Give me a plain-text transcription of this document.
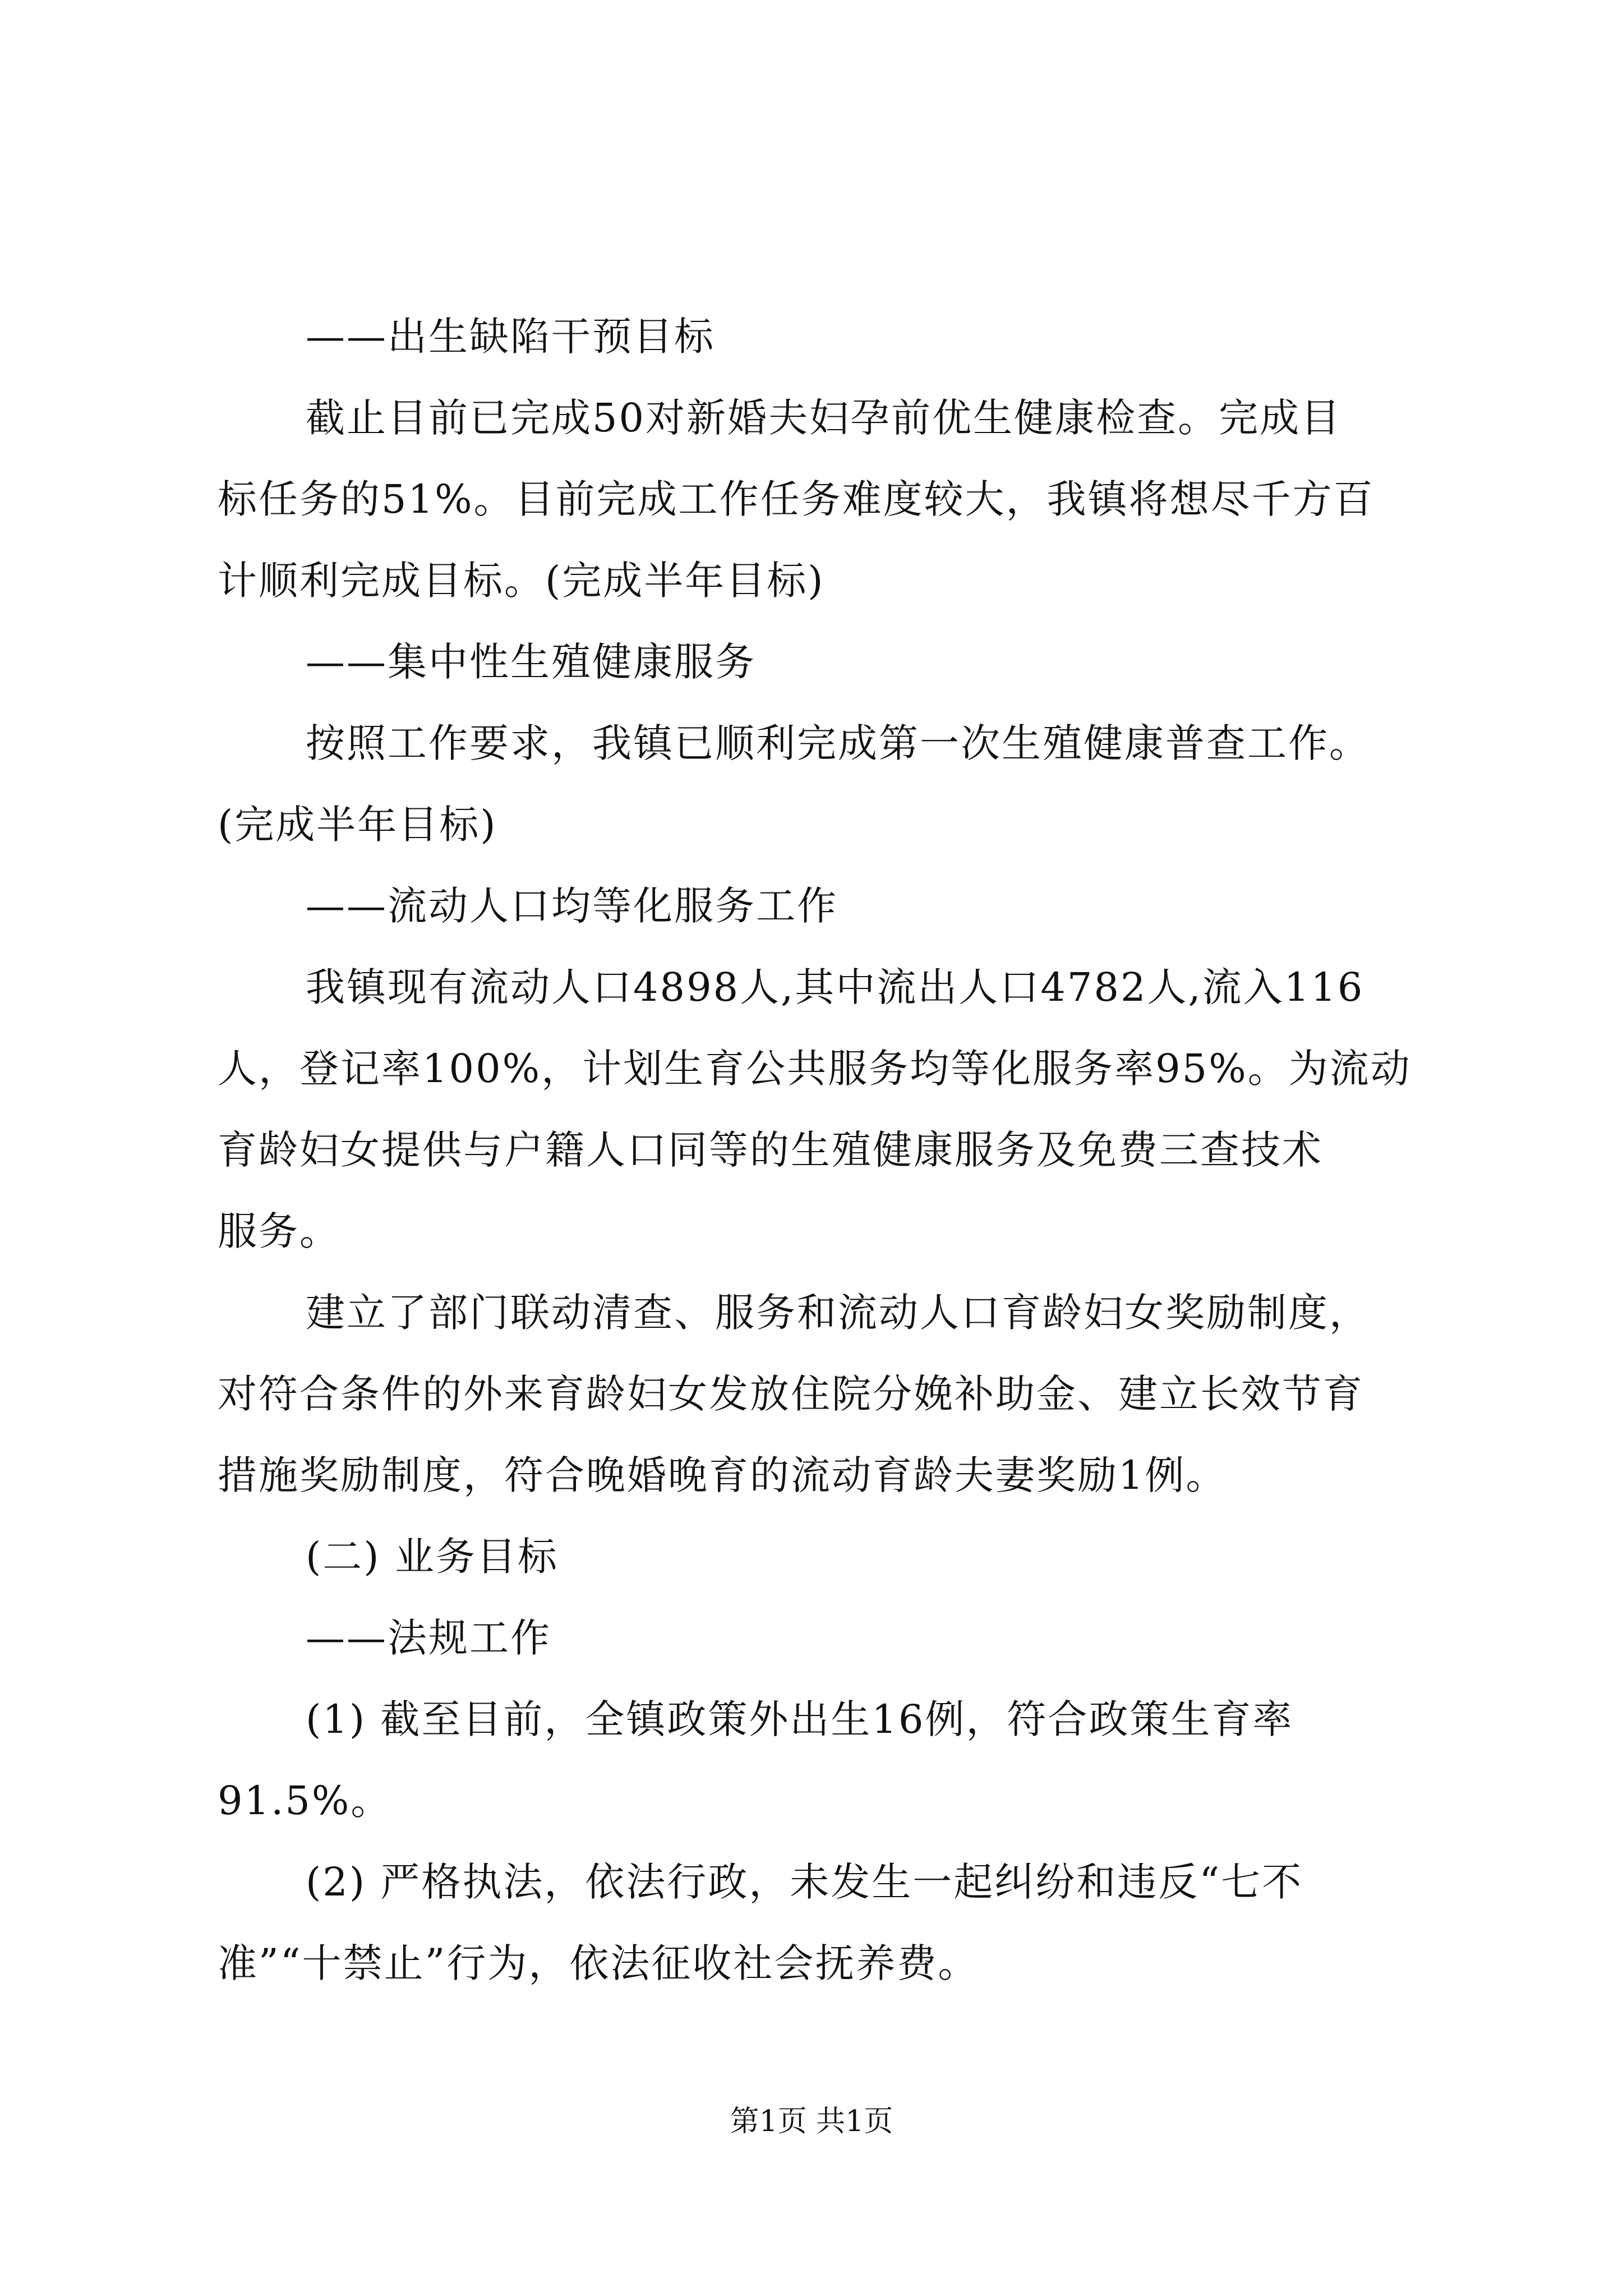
——出生缺陷干预目标
截止目前已完成50对新婚夫妇孕前优生健康检查。完成目
标任务的51%。目前完成工作任务难度较大，我镇将想尽千方百
计顺利完成目标。(完成半年目标)
——集中性生殖健康服务
按照工作要求，我镇已顺利完成第一次生殖健康普查工作。
(完成半年目标)
——流动人口均等化服务工作
我镇现有流动人口4898人,其中流出人口4782人,流入116
人，登记率100%，计划生育公共服务均等化服务率95%。为流动
育龄妇女提供与户籍人口同等的生殖健康服务及免费三查技术
服务。
建立了部门联动清查、服务和流动人口育龄妇女奖励制度，
对符合条件的外来育龄妇女发放住院分娩补助金、建立长效节育
措施奖励制度，符合晚婚晚育的流动育龄夫妻奖励1例。
(二) 业务目标
——法规工作
(1) 截至目前，全镇政策外出生16例，符合政策生育率
91.5%。
(2) 严格执法，依法行政，未发生一起纠纷和违反“七不
准”“十禁止”行为，依法征收社会抚养费。
第1页 共1页
